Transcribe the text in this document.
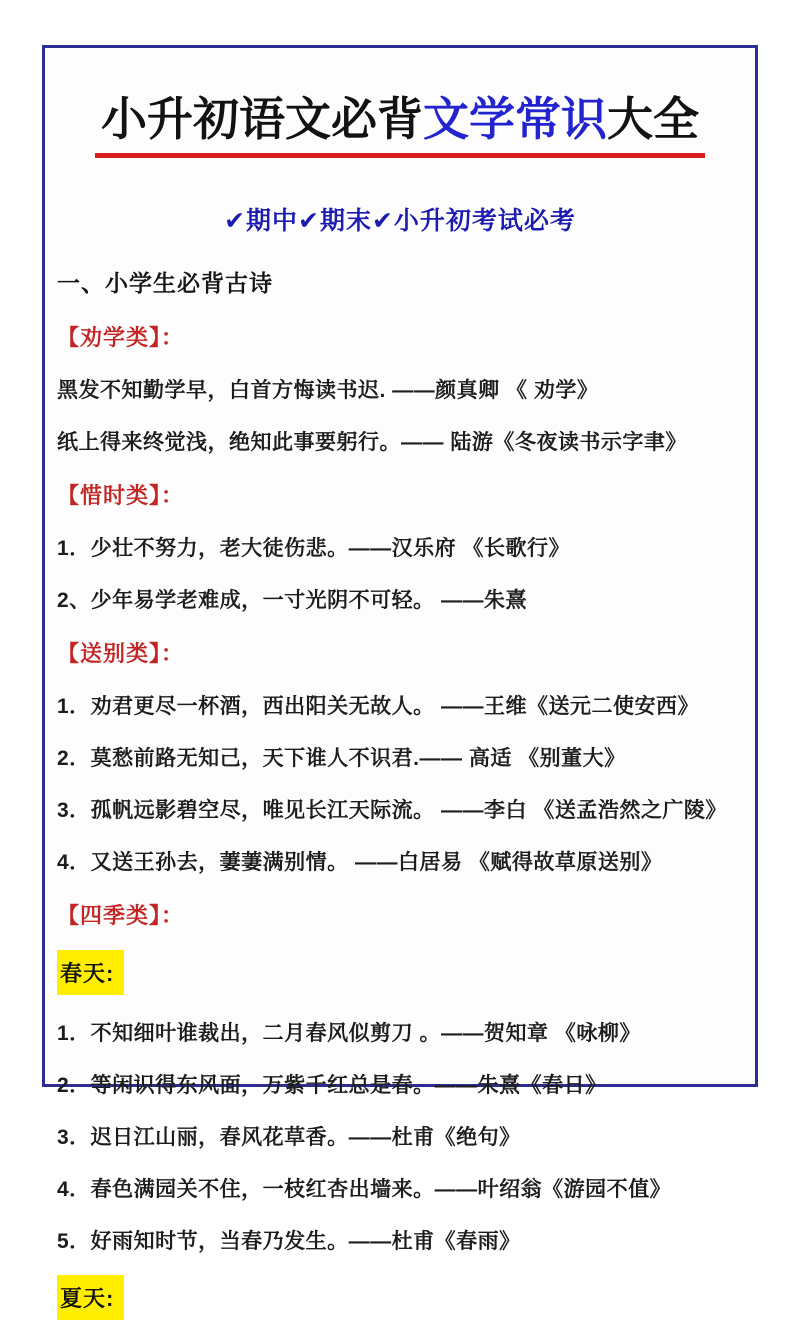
小升初语文必背文学常识大全
✔期中✔期末✔小升初考试必考
一、小学生必背古诗
【劝学类】：

黑发不知勤学早，白首方悔读书迟. ——颜真卿 《 劝学》

纸上得来终觉浅，绝知此事要躬行。—— 陆游《冬夜读书示字聿》

【惜时类】：

1．少壮不努力，老大徒伤悲。——汉乐府 《长歌行》

2、少年易学老难成，一寸光阴不可轻。 ——朱熹

【送别类】：

1．劝君更尽一杯酒，西出阳关无故人。 ——王维《送元二使安西》

2．莫愁前路无知己，天下谁人不识君.—— 高适 《别董大》

3．孤帆远影碧空尽，唯见长江天际流。 ——李白 《送孟浩然之广陵》

4．又送王孙去，萋萋满别情。 ——白居易 《赋得故草原送别》

【四季类】：
春天:

1．不知细叶谁裁出，二月春风似剪刀 。——贺知章 《咏柳》

2．等闲识得东风面，万紫千红总是春。——朱熹《春日》

3．迟日江山丽，春风花草香。——杜甫《绝句》

4．春色满园关不住，一枝红杏出墙来。——叶绍翁《游园不值》

5．好雨知时节，当春乃发生。——杜甫《春雨》

夏天:
